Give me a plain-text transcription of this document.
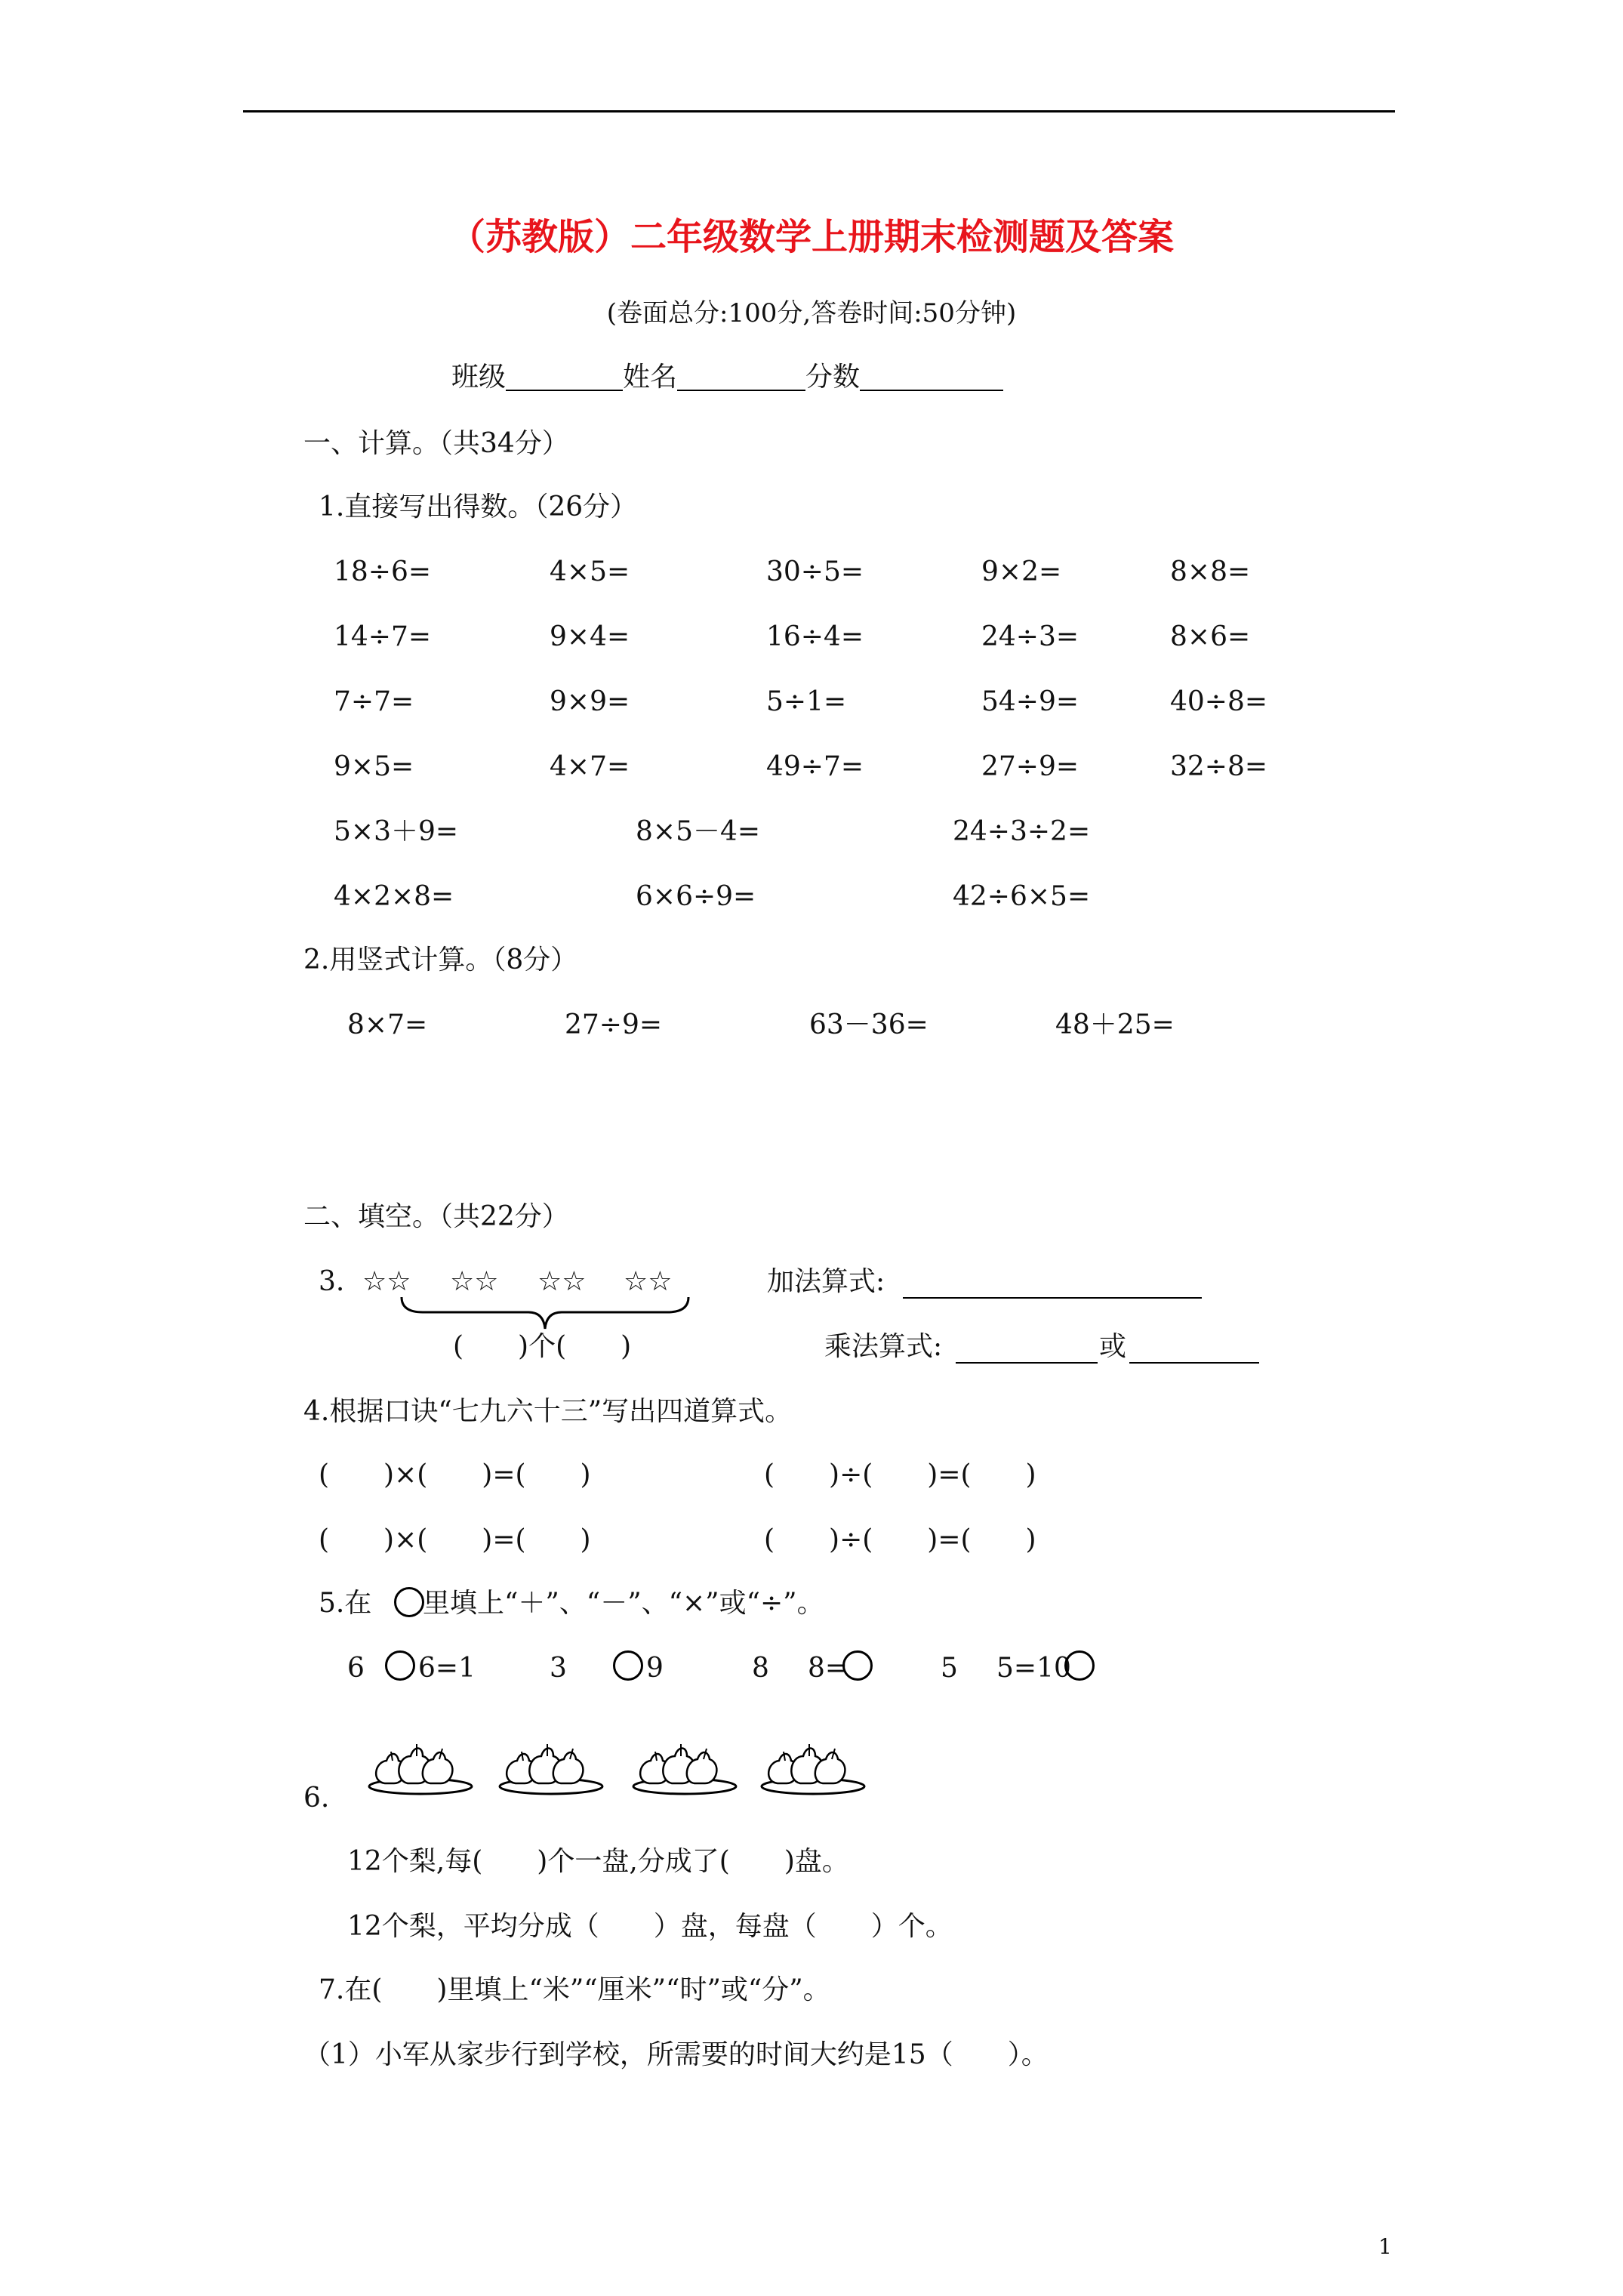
（苏教版）二年级数学上册期末检测题及答案
(卷面总分:100分,答卷时间:50分钟)
班级	姓名	分数
一、计算。（共34分）
1.直接写出得数。（26分）
18÷6=	4×5=	30÷5=	9×2=	8×8=
14÷7=	9×4=	16÷4=	24÷3=	8×6=
7÷7=	9×9=	5÷1=	54÷9=	40÷8=
9×5=	4×7=	49÷7=	27÷9=	32÷8=
5×3＋9=	8×5－4=	24÷3÷2=
4×2×8=	6×6÷9=	42÷6×5=
2.用竖式计算。（8分）
8×7=	27÷9=	63－36=	48＋25=
二、填空。（共22分）
3. ☆☆ ☆☆ ☆☆ ☆☆
(　　)个(　　)
加法算式:
乘法算式:	或
4.根据口诀“七九六十三”写出四道算式。
(　　)×(　　)=(　　)	(　　)÷(　　)=(　　)
(　　)×(　　)=(　　)	(　　)÷(　　)=(　　)
5.在 里填上“＋”、“－”、“×”或“÷”。
6 6=1	3	9	8 8=	5 5=10
6.
12个梨,每(　　)个一盘,分成了(　　)盘。
12个梨，平均分成（　　）盘，每盘（　　）个。
7.在(　　)里填上“米”“厘米”“时”或“分”。
（1）小军从家步行到学校，所需要的时间大约是15（　　）。
1
